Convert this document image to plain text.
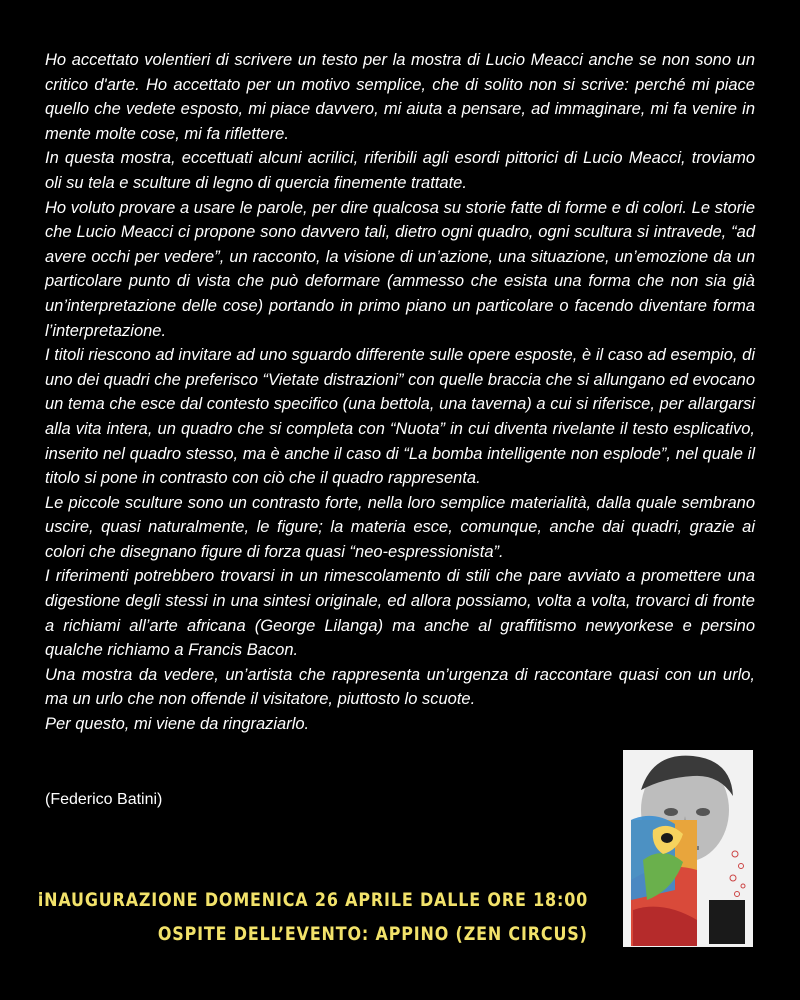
Ho accettato volentieri di scrivere un testo per la mostra di Lucio Meacci anche se non sono un critico d'arte. Ho accettato per un motivo semplice, che di solito non si scrive: perché mi piace quello che vedete esposto, mi piace davvero, mi aiuta a pensare, ad immaginare, mi fa venire in mente molte cose, mi fa riflettere.

In questa mostra, eccettuati alcuni acrilici, riferibili agli esordi pittorici di Lucio Meacci, troviamo oli su tela e sculture di legno di quercia finemente trattate.

Ho voluto provare a usare le parole, per dire qualcosa su storie fatte di forme e di colori. Le storie che Lucio Meacci ci propone sono davvero tali, dietro ogni quadro, ogni scultura si intravede, “ad avere occhi per vedere”, un racconto, la visione di un’azione, una situazione, un’emozione da un particolare punto di vista che può deformare (ammesso che esista una forma che non sia già un’interpretazione delle cose) portando in primo piano un particolare o facendo diventare forma l’interpretazione.

I titoli riescono ad invitare ad uno sguardo differente sulle opere esposte, è il caso ad esempio, di uno dei quadri che preferisco “Vietate distrazioni” con quelle braccia che si allungano ed evocano un tema che esce dal contesto specifico (una bettola, una taverna) a cui si riferisce, per allargarsi alla vita intera, un quadro che si completa con “Nuota” in cui diventa rivelante il testo esplicativo, inserito nel quadro stesso, ma è anche il caso di “La bomba intelligente non esplode”, nel quale il titolo si pone in contrasto con ciò che il quadro rappresenta.

Le piccole sculture sono un contrasto forte, nella loro semplice materialità, dalla quale sembrano uscire, quasi naturalmente, le figure; la materia esce, comunque, anche dai quadri, grazie ai colori che disegnano figure di forza quasi “neo-espressionista”.

I riferimenti potrebbero trovarsi in un rimescolamento di stili che pare avviato a promettere una digestione degli stessi in una sintesi originale, ed allora possiamo, volta a volta, trovarci di fronte a richiami all’arte africana (George Lilanga) ma anche al graffitismo newyorkese e persino qualche richiamo a Francis Bacon.

Una mostra da vedere, un’artista che rappresenta un’urgenza di raccontare quasi con un urlo, ma un urlo che non offende il visitatore, piuttosto lo scuote.

Per questo, mi viene da ringraziarlo.

(Federico Batini)
iNAUGURAZIONE DOMENICA 26 APRILE DALLE ORE 18:00
OSPITE DELL’EVENTO: APPINO (ZEN CIRCUS)
